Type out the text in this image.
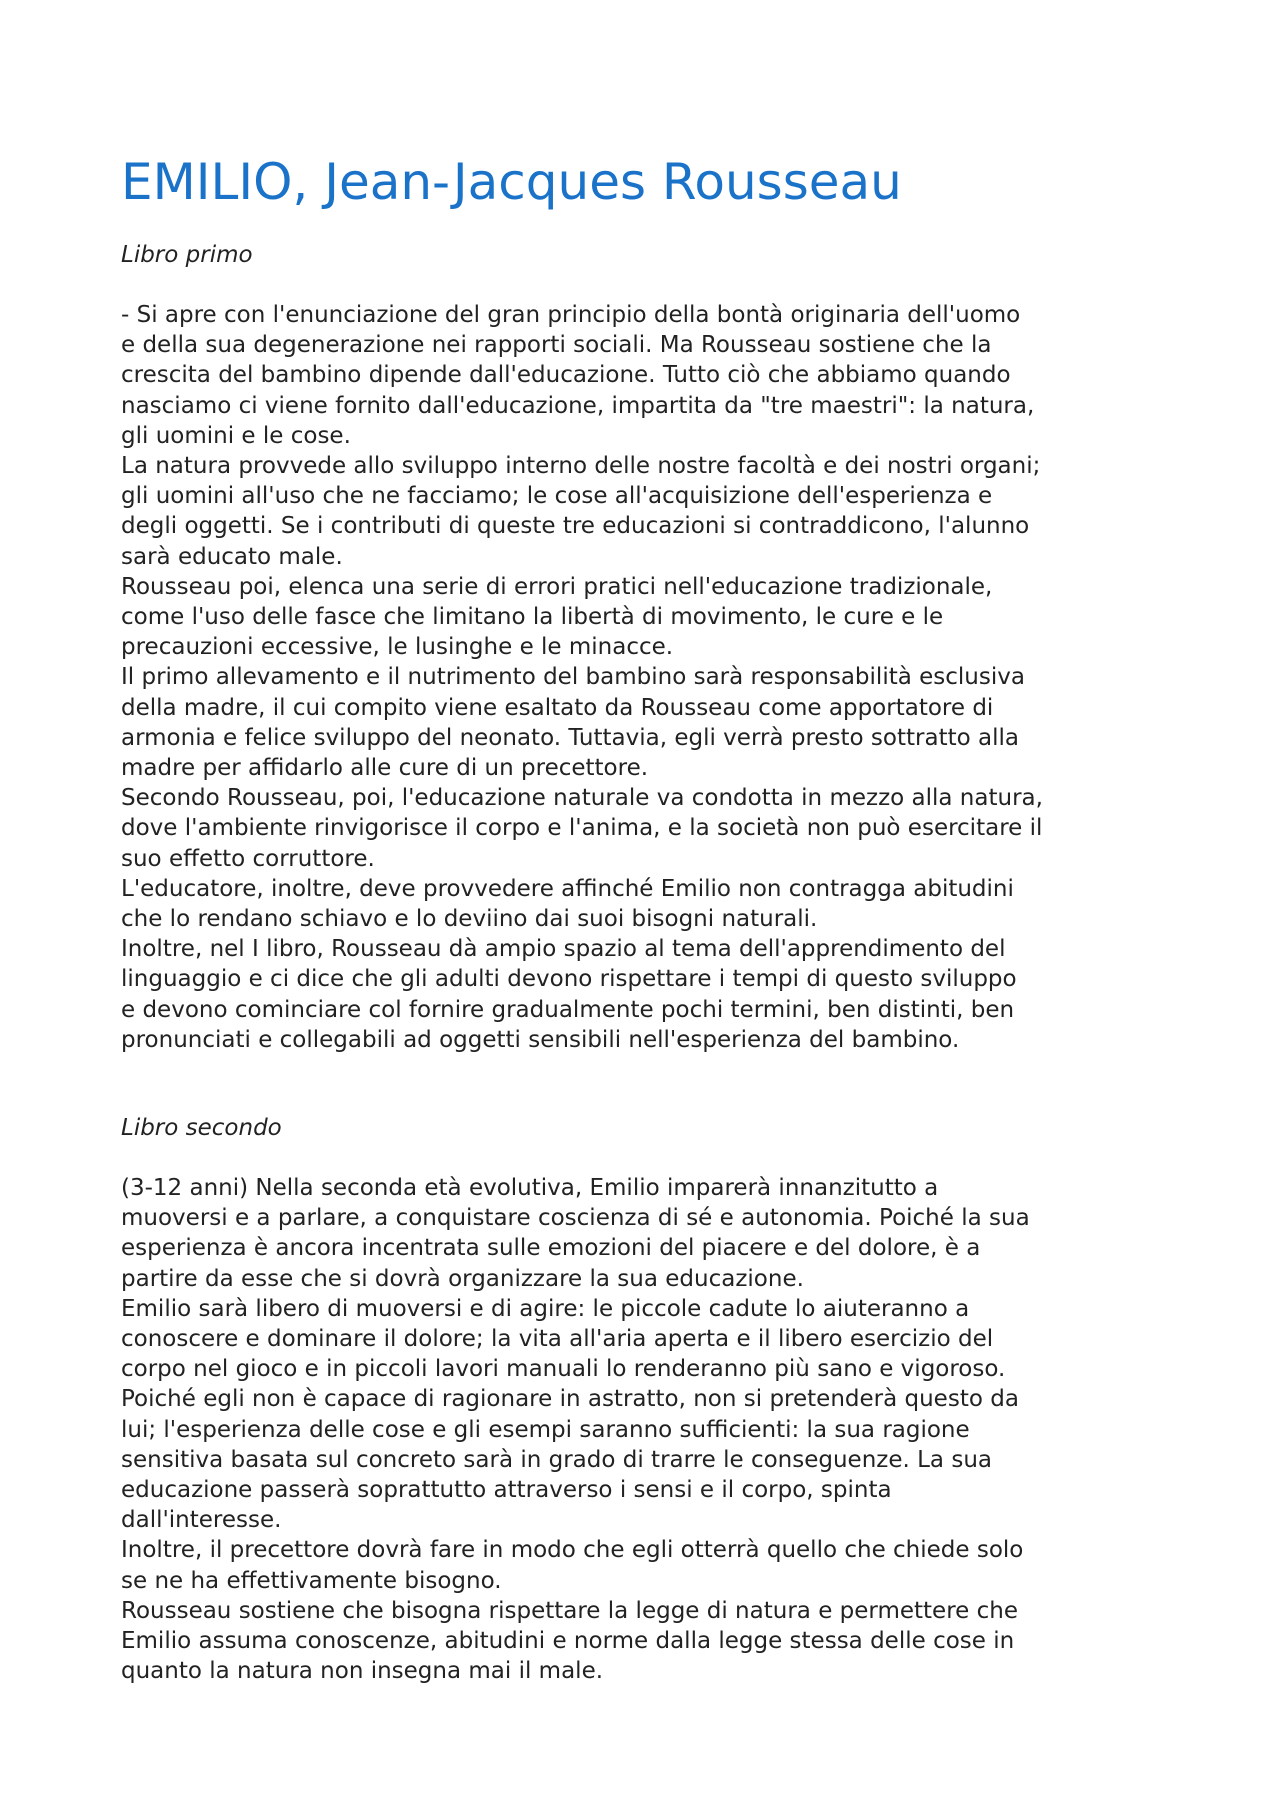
EMILIO, Jean-Jacques Rousseau
Libro primo

- Si apre con l'enunciazione del gran principio della bontà originaria dell'uomo

e della sua degenerazione nei rapporti sociali. Ma Rousseau sostiene che la

crescita del bambino dipende dall'educazione. Tutto ciò che abbiamo quando

nasciamo ci viene fornito dall'educazione, impartita da "tre maestri": la natura,

gli uomini e le cose.

La natura provvede allo sviluppo interno delle nostre facoltà e dei nostri organi;

gli uomini all'uso che ne facciamo; le cose all'acquisizione dell'esperienza e

degli oggetti. Se i contributi di queste tre educazioni si contraddicono, l'alunno

sarà educato male.

Rousseau poi, elenca una serie di errori pratici nell'educazione tradizionale,

come l'uso delle fasce che limitano la libertà di movimento, le cure e le

precauzioni eccessive, le lusinghe e le minacce.

Il primo allevamento e il nutrimento del bambino sarà responsabilità esclusiva

della madre, il cui compito viene esaltato da Rousseau come apportatore di

armonia e felice sviluppo del neonato. Tuttavia, egli verrà presto sottratto alla

madre per affidarlo alle cure di un precettore.

Secondo Rousseau, poi, l'educazione naturale va condotta in mezzo alla natura,

dove l'ambiente rinvigorisce il corpo e l'anima, e la società non può esercitare il

suo effetto corruttore.

L'educatore, inoltre, deve provvedere affinché Emilio non contragga abitudini

che lo rendano schiavo e lo deviino dai suoi bisogni naturali.

Inoltre, nel I libro, Rousseau dà ampio spazio al tema dell'apprendimento del

linguaggio e ci dice che gli adulti devono rispettare i tempi di questo sviluppo

e devono cominciare col fornire gradualmente pochi termini, ben distinti, ben

pronunciati e collegabili ad oggetti sensibili nell'esperienza del bambino.

Libro secondo

(3-12 anni) Nella seconda età evolutiva, Emilio imparerà innanzitutto a

muoversi e a parlare, a conquistare coscienza di sé e autonomia. Poiché la sua

esperienza è ancora incentrata sulle emozioni del piacere e del dolore, è a

partire da esse che si dovrà organizzare la sua educazione.

Emilio sarà libero di muoversi e di agire: le piccole cadute lo aiuteranno a

conoscere e dominare il dolore; la vita all'aria aperta e il libero esercizio del

corpo nel gioco e in piccoli lavori manuali lo renderanno più sano e vigoroso.

Poiché egli non è capace di ragionare in astratto, non si pretenderà questo da

lui; l'esperienza delle cose e gli esempi saranno sufficienti: la sua ragione

sensitiva basata sul concreto sarà in grado di trarre le conseguenze. La sua

educazione passerà soprattutto attraverso i sensi e il corpo, spinta

dall'interesse.

Inoltre, il precettore dovrà fare in modo che egli otterrà quello che chiede solo

se ne ha effettivamente bisogno.

Rousseau sostiene che bisogna rispettare la legge di natura e permettere che

Emilio assuma conoscenze, abitudini e norme dalla legge stessa delle cose in

quanto la natura non insegna mai il male.
